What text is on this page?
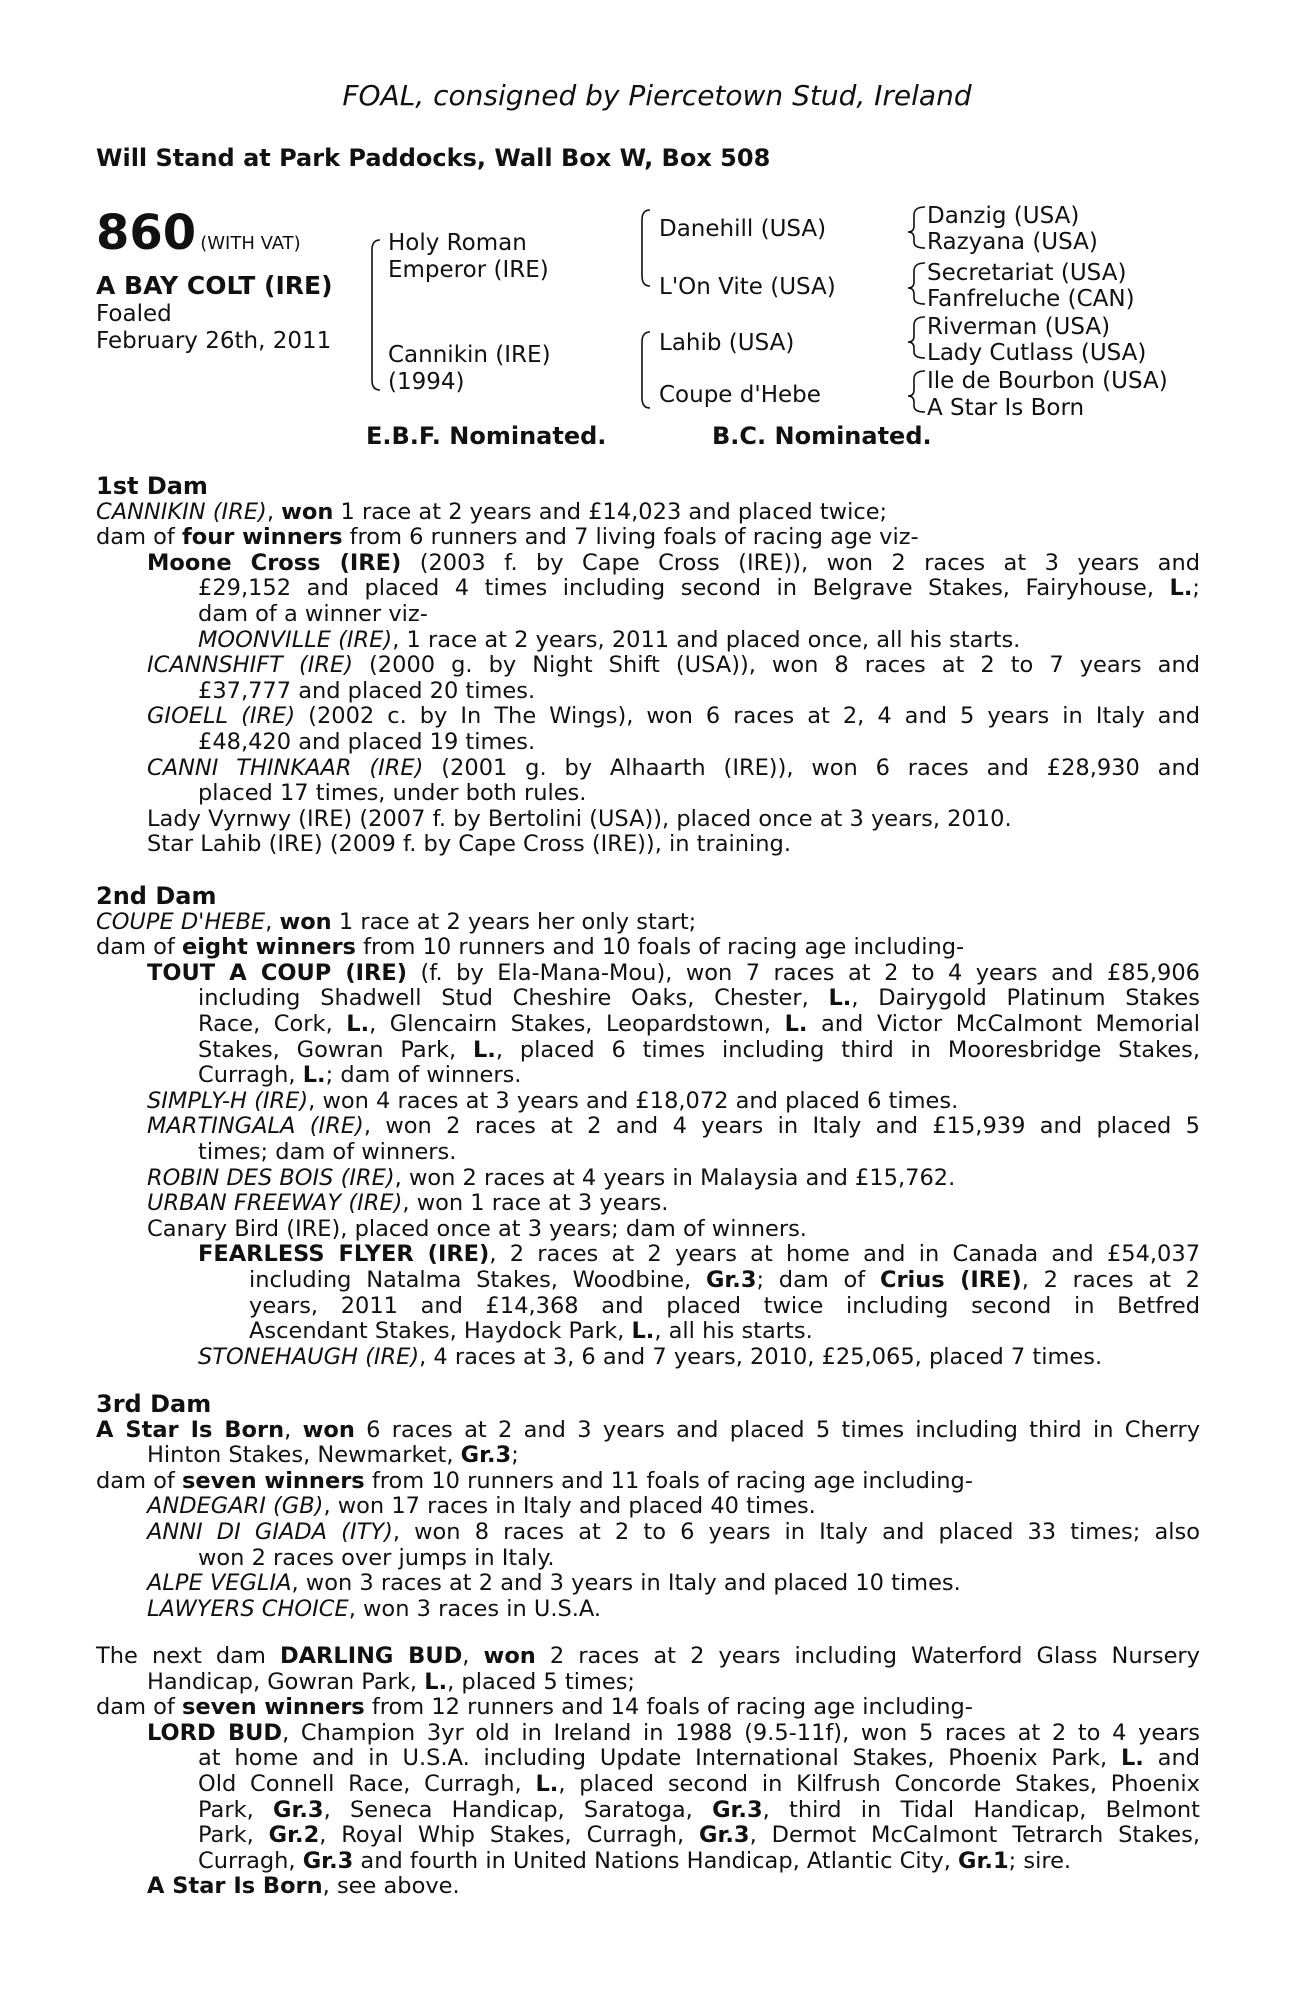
FOAL, consigned by Piercetown Stud, Ireland
Will Stand at Park Paddocks, Wall Box W, Box 508
860 (WITH VAT)
A BAY COLT (IRE)
Foaled
February 26th, 2011
Holy Roman
Emperor (IRE)
Cannikin (IRE)
(1994)
Danehill (USA)
L'On Vite (USA)
Lahib (USA)
Coupe d'Hebe
Danzig (USA)
Razyana (USA)
Secretariat (USA)
Fanfreluche (CAN)
Riverman (USA)
Lady Cutlass (USA)
Ile de Bourbon (USA)
A Star Is Born
E.B.F. Nominated.	B.C. Nominated.
1st Dam
CANNIKIN (IRE), won 1 race at 2 years and £14,023 and placed twice;
dam of four winners from 6 runners and 7 living foals of racing age viz-
Moone Cross (IRE) (2003 f. by Cape Cross (IRE)), won 2 races at 3 years and
£29,152 and placed 4 times including second in Belgrave Stakes, Fairyhouse, L.;
dam of a winner viz-
MOONVILLE (IRE), 1 race at 2 years, 2011 and placed once, all his starts.
ICANNSHIFT (IRE) (2000 g. by Night Shift (USA)), won 8 races at 2 to 7 years and
£37,777 and placed 20 times.
GIOELL (IRE) (2002 c. by In The Wings), won 6 races at 2, 4 and 5 years in Italy and
£48,420 and placed 19 times.
CANNI THINKAAR (IRE) (2001 g. by Alhaarth (IRE)), won 6 races and £28,930 and
placed 17 times, under both rules.
Lady Vyrnwy (IRE) (2007 f. by Bertolini (USA)), placed once at 3 years, 2010.
Star Lahib (IRE) (2009 f. by Cape Cross (IRE)), in training.
2nd Dam
COUPE D'HEBE, won 1 race at 2 years her only start;
dam of eight winners from 10 runners and 10 foals of racing age including-
TOUT A COUP (IRE) (f. by Ela-Mana-Mou), won 7 races at 2 to 4 years and £85,906
including Shadwell Stud Cheshire Oaks, Chester, L., Dairygold Platinum Stakes
Race, Cork, L., Glencairn Stakes, Leopardstown, L. and Victor McCalmont Memorial
Stakes, Gowran Park, L., placed 6 times including third in Mooresbridge Stakes,
Curragh, L.; dam of winners.
SIMPLY-H (IRE), won 4 races at 3 years and £18,072 and placed 6 times.
MARTINGALA (IRE), won 2 races at 2 and 4 years in Italy and £15,939 and placed 5
times; dam of winners.
ROBIN DES BOIS (IRE), won 2 races at 4 years in Malaysia and £15,762.
URBAN FREEWAY (IRE), won 1 race at 3 years.
Canary Bird (IRE), placed once at 3 years; dam of winners.
FEARLESS FLYER (IRE), 2 races at 2 years at home and in Canada and £54,037
including Natalma Stakes, Woodbine, Gr.3; dam of Crius (IRE), 2 races at 2
years, 2011 and £14,368 and placed twice including second in Betfred
Ascendant Stakes, Haydock Park, L., all his starts.
STONEHAUGH (IRE), 4 races at 3, 6 and 7 years, 2010, £25,065, placed 7 times.
3rd Dam
A Star Is Born, won 6 races at 2 and 3 years and placed 5 times including third in Cherry
Hinton Stakes, Newmarket, Gr.3;
dam of seven winners from 10 runners and 11 foals of racing age including-
ANDEGARI (GB), won 17 races in Italy and placed 40 times.
ANNI DI GIADA (ITY), won 8 races at 2 to 6 years in Italy and placed 33 times; also
won 2 races over jumps in Italy.
ALPE VEGLIA, won 3 races at 2 and 3 years in Italy and placed 10 times.
LAWYERS CHOICE, won 3 races in U.S.A.
The next dam DARLING BUD, won 2 races at 2 years including Waterford Glass Nursery
Handicap, Gowran Park, L., placed 5 times;
dam of seven winners from 12 runners and 14 foals of racing age including-
LORD BUD, Champion 3yr old in Ireland in 1988 (9.5-11f), won 5 races at 2 to 4 years
at home and in U.S.A. including Update International Stakes, Phoenix Park, L. and
Old Connell Race, Curragh, L., placed second in Kilfrush Concorde Stakes, Phoenix
Park, Gr.3, Seneca Handicap, Saratoga, Gr.3, third in Tidal Handicap, Belmont
Park, Gr.2, Royal Whip Stakes, Curragh, Gr.3, Dermot McCalmont Tetrarch Stakes,
Curragh, Gr.3 and fourth in United Nations Handicap, Atlantic City, Gr.1; sire.
A Star Is Born, see above.
